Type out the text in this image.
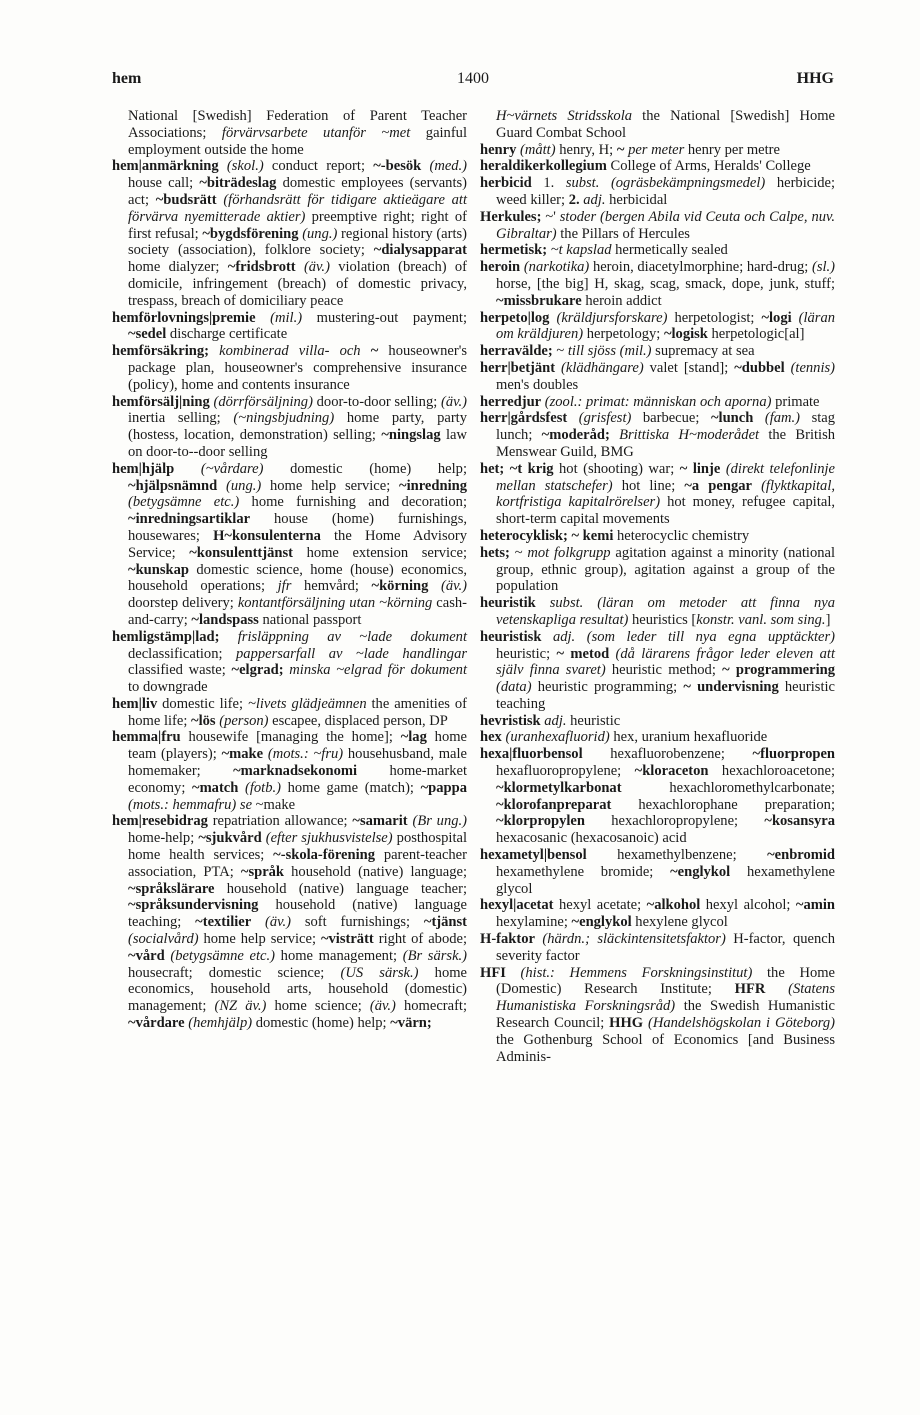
1400
hem	HHG

National [Swedish] Federation of Parent Teacher Associations; förvärvsarbete utanför ~met gainful employment outside the home

hem|anmärkning (skol.) conduct report; ~-besök (med.) house call; ~biträdeslag domestic employees (servants) act; ~budsrätt (förhandsrätt för tidigare aktieägare att förvärva nyemitterade aktier) preemptive right; right of first refusal; ~bygdsförening (ung.) regional history (arts) society (association), folklore society; ~dialysapparat home dialyzer; ~fridsbrott (äv.) violation (breach) of domicile, infringement (breach) of domestic privacy, trespass, breach of domiciliary peace

hemförlovnings|premie (mil.) mustering-out payment; ~sedel discharge certificate

hemförsäkring; kombinerad villa- och ~ houseowner's package plan, houseowner's comprehensive insurance (policy), home and contents insurance

hemförsälj|ning (dörrförsäljning) door-to-door selling; (äv.) inertia selling; (~ningsbjudning) home party, party (hostess, location, demonstration) selling; ~ningslag law on door-to--door selling

hem|hjälp (~vårdare) domestic (home) help; ~hjälpsnämnd (ung.) home help service; ~inredning (betygsämne etc.) home furnishing and decoration; ~inredningsartiklar house (home) furnishings, housewares; H~konsulenterna the Home Advisory Service; ~konsulenttjänst home extension service; ~kunskap domestic science, home (house) economics, household operations; jfr hemvård; ~körning (äv.) doorstep delivery; kontantförsäljning utan ~körning cash-and-carry; ~landspass national passport

hemligstämp|lad; frisläppning av ~lade dokument declassification; pappersarfall av ~lade handlingar classified waste; ~elgrad; minska ~elgrad för dokument to downgrade

hem|liv domestic life; ~livets glädjeämnen the amenities of home life; ~lös (person) escapee, displaced person, DP

hemma|fru housewife [managing the home]; ~lag home team (players); ~make (mots.: ~fru) househusband, male homemaker; ~marknadsekonomi home-market economy; ~match (fotb.) home game (match); ~pappa (mots.: hemmafru) se ~make

hem|resebidrag repatriation allowance; ~samarit (Br ung.) home-help; ~sjukvård (efter sjukhusvistelse) posthospital home health services; ~-skola-förening parent-teacher association, PTA; ~språk household (native) language; ~språkslärare household (native) language teacher; ~språksundervisning household (native) language teaching; ~textilier (äv.) soft furnishings; ~tjänst (socialvård) home help service; ~visträtt right of abode; ~vård (betygsämne etc.) home management; (Br särsk.) housecraft; domestic science; (US särsk.) home economics, household arts, household (domestic) management; (NZ äv.) home science; (äv.) homecraft; ~vårdare (hemhjälp) domestic (home) help; ~värn;

H~värnets Stridsskola the National [Swedish] Home Guard Combat School

henry (mått) henry, H; ~ per meter henry per metre

heraldikerkollegium College of Arms, Heralds' College

herbicid 1. subst. (ogräsbekämpningsmedel) herbicide; weed killer; 2. adj. herbicidal

Herkules; ~' stoder (bergen Abila vid Ceuta och Calpe, nuv. Gibraltar) the Pillars of Hercules

hermetisk; ~t kapslad hermetically sealed

heroin (narkotika) heroin, diacetylmorphine; hard-drug; (sl.) horse, [the big] H, skag, scag, smack, dope, junk, stuff; ~missbrukare heroin addict

herpeto|log (kräldjursforskare) herpetologist; ~logi (läran om kräldjuren) herpetology; ~logisk herpetologic[al]

herravälde; ~ till sjöss (mil.) supremacy at sea

herr|betjänt (klädhängare) valet [stand]; ~dubbel (tennis) men's doubles

herredjur (zool.: primat: människan och aporna) primate

herr|gårdsfest (grisfest) barbecue; ~lunch (fam.) stag lunch; ~moderåd; Brittiska H~moderådet the British Menswear Guild, BMG

het; ~t krig hot (shooting) war; ~ linje (direkt telefonlinje mellan statschefer) hot line; ~a pengar (flyktkapital, kortfristiga kapitalrörelser) hot money, refugee capital, short-term capital movements

heterocyklisk; ~ kemi heterocyclic chemistry

hets; ~ mot folkgrupp agitation against a minority (national group, ethnic group), agitation against a group of the population

heuristik subst. (läran om metoder att finna nya vetenskapliga resultat) heuristics [konstr. vanl. som sing.]

heuristisk adj. (som leder till nya egna upptäckter) heuristic; ~ metod (då lärarens frågor leder eleven att själv finna svaret) heuristic method; ~ programmering (data) heuristic programming; ~ undervisning heuristic teaching

hevristisk adj. heuristic

hex (uranhexafluorid) hex, uranium hexafluoride

hexa|fluorbensol hexafluorobenzene; ~fluorpropen hexafluoropropylene; ~kloraceton hexachloroacetone; ~klormetylkarbonat hexachloromethylcarbonate; ~klorofanpreparat hexachlorophane preparation; ~klorpropylen hexachloropropylene; ~kosansyra hexacosanic (hexacosanoic) acid

hexametyl|bensol hexamethylbenzene; ~enbromid hexamethylene bromide; ~englykol hexamethylene glycol

hexyl|acetat hexyl acetate; ~alkohol hexyl alcohol; ~amin hexylamine; ~englykol hexylene glycol

H-faktor (härdn.; släckintensitetsfaktor) H-factor, quench severity factor

HFI (hist.: Hemmens Forskningsinstitut) the Home (Domestic) Research Institute; HFR (Statens Humanistiska Forskningsråd) the Swedish Humanistic Research Council; HHG (Handelshögskolan i Göteborg) the Gothenburg School of Economics [and Business Adminis-
